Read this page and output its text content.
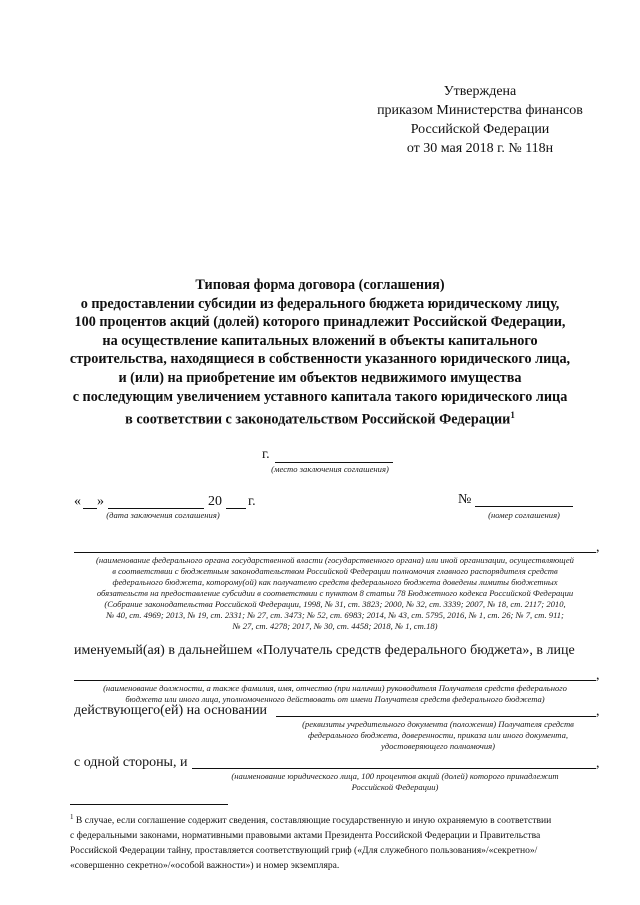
Утверждена
приказом Министерства финансов
Российской Федерации
от 30 мая 2018 г. № 118н
Типовая форма договора (соглашения)
о предоставлении субсидии из федерального бюджета юридическому лицу,
100 процентов акций (долей) которого принадлежит Российской Федерации,
на осуществление капитальных вложений в объекты капитального
строительства, находящиеся в собственности указанного юридического лица,
и (или) на приобретение им объектов недвижимого имущества
с последующим увеличением уставного капитала такого юридического лица
в соответствии с законодательством Российской Федерации$^1$
г.
(место заключения соглашения)
« »	20 г.
(дата заключения соглашения)
№
(номер соглашения)
,
(наименование федерального органа государственной власти (государственного органа) или иной организации, осуществляющей
в соответствии с бюджетным законодательством Российской Федерации полномочия главного распорядителя средств
федерального бюджета, которому(ой) как получателю средств федерального бюджета доведены лимиты бюджетных
обязательств на предоставление субсидии в соответствии с пунктом 8 статьи 78 Бюджетного кодекса Российской Федерации
(Собрание законодательства Российской Федерации, 1998, № 31, ст. 3823; 2000, № 32, ст. 3339; 2007, № 18, ст. 2117; 2010,
№ 40, ст. 4969; 2013, № 19, ст. 2331; № 27, ст. 3473; № 52, ст. 6983; 2014, № 43, ст. 5795, 2016, № 1, ст. 26; № 7, ст. 911;
№ 27, ст. 4278; 2017, № 30, ст. 4458; 2018, № 1, ст.18)
именуемый(ая) в дальнейшем «Получатель средств федерального бюджета», в лице
,
(наименование должности, а также фамилия, имя, отчество (при наличии) руководителя Получателя средств федерального
бюджета или иного лица, уполномоченного действовать от имени Получателя средств федерального бюджета)
действующего(ей) на основании	,
(реквизиты учредительного документа (положения) Получателя средств
федерального бюджета, доверенности, приказа или иного документа,
удостоверяющего полномочия)
с одной стороны, и	,
(наименование юридического лица, 100 процентов акций (долей) которого принадлежит
Российской Федерации)
$^1$ В случае, если соглашение содержит сведения, составляющие государственную и иную охраняемую в соответствии
с федеральными законами, нормативными правовыми актами Президента Российской Федерации и Правительства
Российской Федерации тайну, проставляется соответствующий гриф («Для служебного пользования»/«секретно»/
«совершенно секретно»/«особой важности») и номер экземпляра.
